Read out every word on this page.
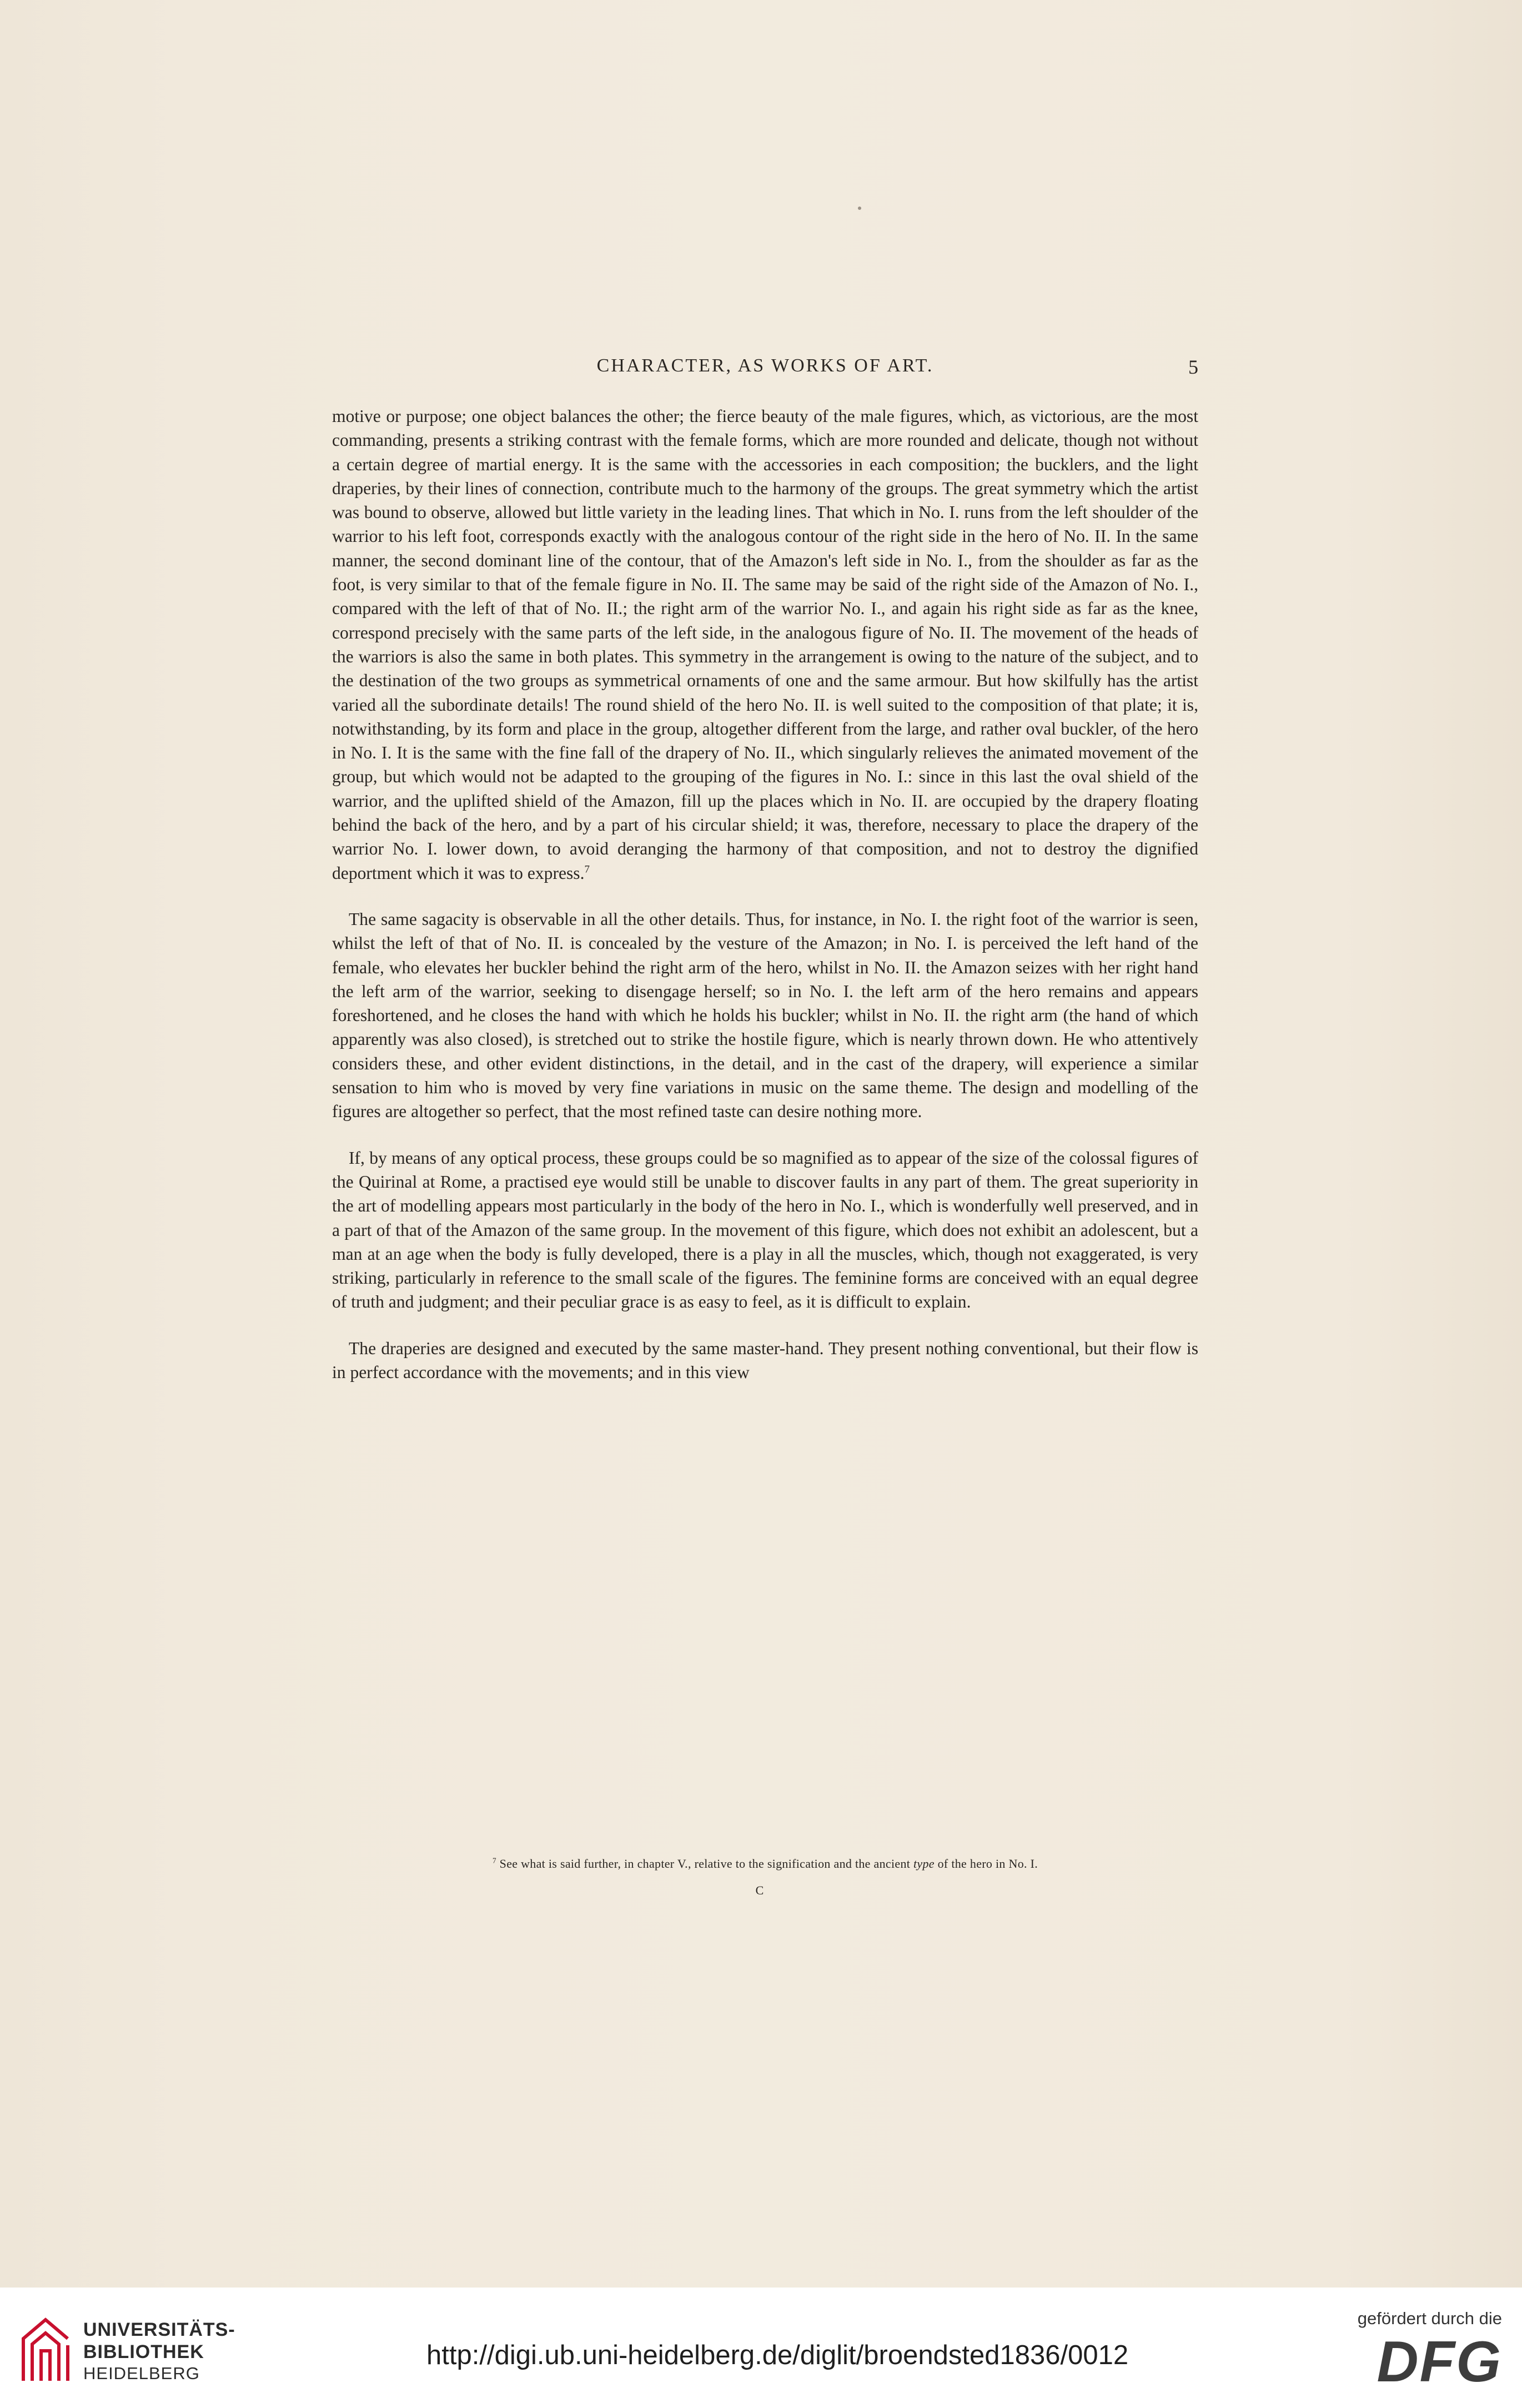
CHARACTER, AS WORKS OF ART.	5

motive or purpose; one object balances the other; the fierce beauty of the male figures, which, as victorious, are the most commanding, presents a striking contrast with the female forms, which are more rounded and delicate, though not without a certain degree of martial energy. It is the same with the accessories in each composition; the bucklers, and the light draperies, by their lines of connection, contribute much to the harmony of the groups. The great symmetry which the artist was bound to observe, allowed but little variety in the leading lines. That which in No. I. runs from the left shoulder of the warrior to his left foot, corresponds exactly with the analogous contour of the right side in the hero of No. II. In the same manner, the second dominant line of the contour, that of the Amazon's left side in No. I., from the shoulder as far as the foot, is very similar to that of the female figure in No. II. The same may be said of the right side of the Amazon of No. I., compared with the left of that of No. II.; the right arm of the warrior No. I., and again his right side as far as the knee, correspond precisely with the same parts of the left side, in the analogous figure of No. II. The movement of the heads of the warriors is also the same in both plates. This symmetry in the arrangement is owing to the nature of the subject, and to the destination of the two groups as symmetrical ornaments of one and the same armour. But how skilfully has the artist varied all the subordinate details! The round shield of the hero No. II. is well suited to the composition of that plate; it is, notwithstanding, by its form and place in the group, altogether different from the large, and rather oval buckler, of the hero in No. I. It is the same with the fine fall of the drapery of No. II., which singularly relieves the animated movement of the group, but which would not be adapted to the grouping of the figures in No. I.: since in this last the oval shield of the warrior, and the uplifted shield of the Amazon, fill up the places which in No. II. are occupied by the drapery floating behind the back of the hero, and by a part of his circular shield; it was, therefore, necessary to place the drapery of the warrior No. I. lower down, to avoid deranging the harmony of that composition, and not to destroy the dignified deportment which it was to express.$^7$

The same sagacity is observable in all the other details. Thus, for instance, in No. I. the right foot of the warrior is seen, whilst the left of that of No. II. is concealed by the vesture of the Amazon; in No. I. is perceived the left hand of the female, who elevates her buckler behind the right arm of the hero, whilst in No. II. the Amazon seizes with her right hand the left arm of the warrior, seeking to disengage herself; so in No. I. the left arm of the hero remains and appears foreshortened, and he closes the hand with which he holds his buckler; whilst in No. II. the right arm (the hand of which apparently was also closed), is stretched out to strike the hostile figure, which is nearly thrown down. He who attentively considers these, and other evident distinctions, in the detail, and in the cast of the drapery, will experience a similar sensation to him who is moved by very fine variations in music on the same theme. The design and modelling of the figures are altogether so perfect, that the most refined taste can desire nothing more.

If, by means of any optical process, these groups could be so magnified as to appear of the size of the colossal figures of the Quirinal at Rome, a practised eye would still be unable to discover faults in any part of them. The great superiority in the art of modelling appears most particularly in the body of the hero in No. I., which is wonderfully well preserved, and in a part of that of the Amazon of the same group. In the movement of this figure, which does not exhibit an adolescent, but a man at an age when the body is fully developed, there is a play in all the muscles, which, though not exaggerated, is very striking, particularly in reference to the small scale of the figures. The feminine forms are conceived with an equal degree of truth and judgment; and their peculiar grace is as easy to feel, as it is difficult to explain.

The draperies are designed and executed by the same master-hand. They present nothing conventional, but their flow is in perfect accordance with the movements; and in this view

$^7$ See what is said further, in chapter V., relative to the signification and the ancient type of the hero in No. I.
C
UNIVERSITÄTS-
BIBLIOTHEK
HEIDELBERG
http://digi.ub.uni-heidelberg.de/diglit/broendsted1836/0012
gefördert durch die
DFG
